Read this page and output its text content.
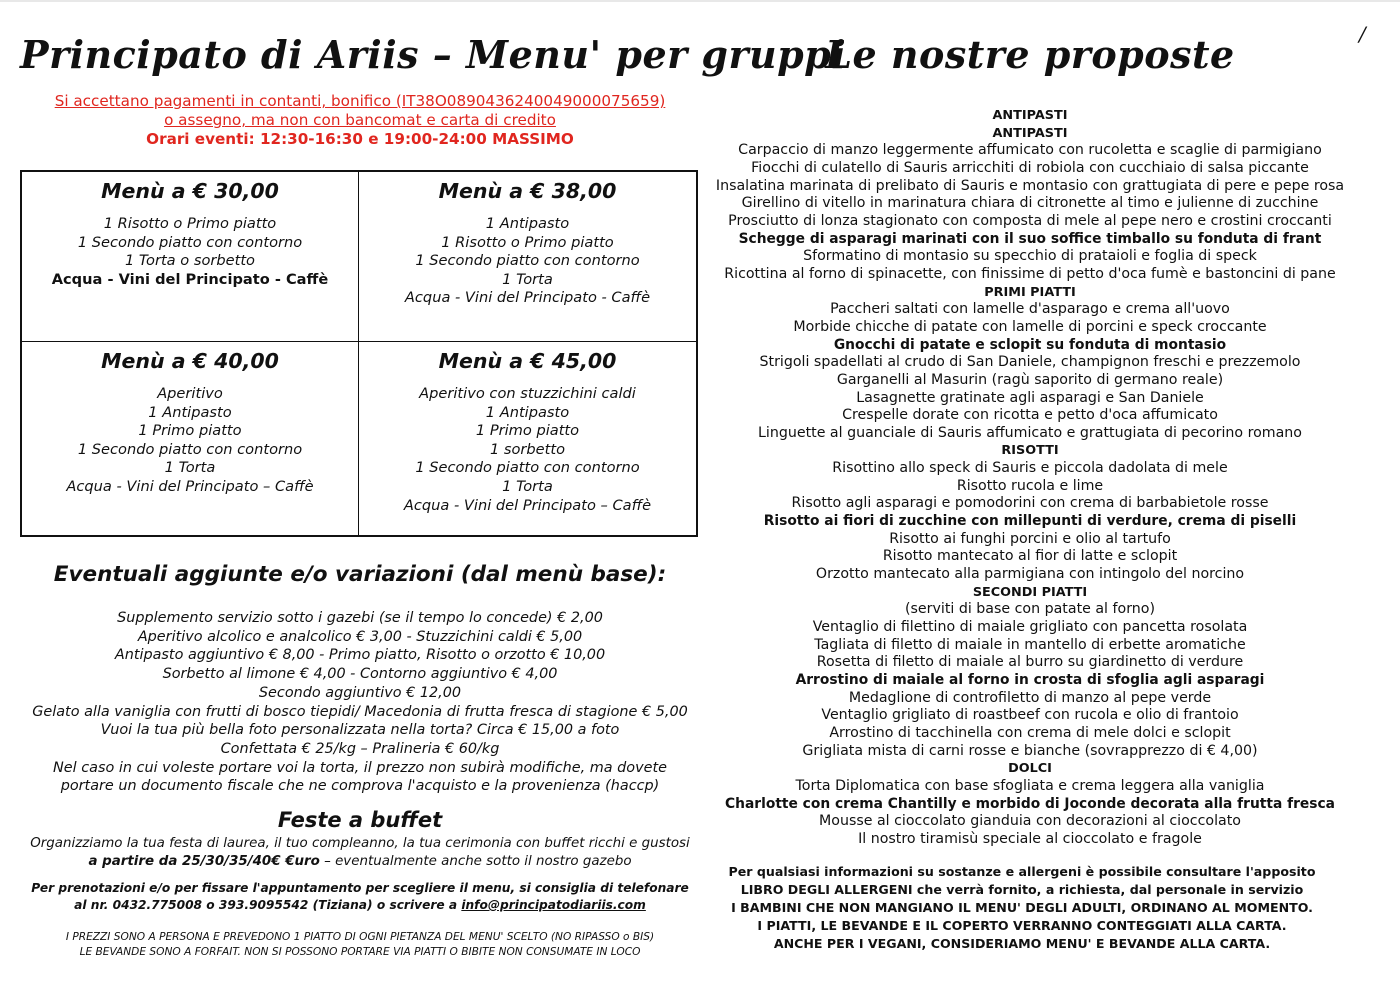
/
Principato di Ariis – Menu' per gruppi
Si accettano pagamenti in contanti, bonifico (IT38O0890436240049000075659)
o assegno, ma non con bancomat e carta di credito
Orari eventi: 12:30-16:30 e 19:00-24:00 MASSIMO
Menù a € 30,00
1 Risotto o Primo piatto
1 Secondo piatto con contorno
1 Torta o sorbetto
Acqua - Vini del Principato - Caffè
Menù a € 38,00
1 Antipasto
1 Risotto o Primo piatto
1 Secondo piatto con contorno
1 Torta
Acqua - Vini del Principato - Caffè
Menù a € 40,00
Aperitivo
1 Antipasto
1 Primo piatto
1 Secondo piatto con contorno
1 Torta
Acqua - Vini del Principato – Caffè
Menù a € 45,00
Aperitivo con stuzzichini caldi
1 Antipasto
1 Primo piatto
1 sorbetto
1 Secondo piatto con contorno
1 Torta
Acqua - Vini del Principato – Caffè
Eventuali aggiunte e/o variazioni (dal menù base):
Supplemento servizio sotto i gazebi (se il tempo lo concede) € 2,00
Aperitivo alcolico e analcolico € 3,00 - Stuzzichini caldi € 5,00
Antipasto aggiuntivo € 8,00 - Primo piatto, Risotto o orzotto € 10,00
Sorbetto al limone € 4,00 - Contorno aggiuntivo € 4,00
Secondo aggiuntivo € 12,00
Gelato alla vaniglia con frutti di bosco tiepidi/ Macedonia di frutta fresca di stagione € 5,00
Vuoi la tua più bella foto personalizzata nella torta? Circa € 15,00 a foto
Confettata € 25/kg – Pralineria € 60/kg
Nel caso in cui voleste portare voi la torta, il prezzo non subirà modifiche, ma dovete
portare un documento fiscale che ne comprova l'acquisto e la provenienza (haccp)
Feste a buffet
Organizziamo la tua festa di laurea, il tuo compleanno, la tua cerimonia con buffet ricchi e gustosi
a partire da 25/30/35/40€ €uro – eventualmente anche sotto il nostro gazebo
Per prenotazioni e/o per fissare l'appuntamento per scegliere il menu, si consiglia di telefonare
al nr. 0432.775008 o 393.9095542 (Tiziana) o scrivere a info@principatodiariis.com
I PREZZI SONO A PERSONA E PREVEDONO 1 PIATTO DI OGNI PIETANZA DEL MENU' SCELTO (NO RIPASSO o BIS)
LE BEVANDE SONO A FORFAIT. NON SI POSSONO PORTARE VIA PIATTI O BIBITE NON CONSUMATE IN LOCO
Le nostre proposte
ANTIPASTI
ANTIPASTI
Carpaccio di manzo leggermente affumicato con rucoletta e scaglie di parmigiano
Fiocchi di culatello di Sauris arricchiti di robiola con cucchiaio di salsa piccante
Insalatina marinata di prelibato di Sauris e montasio con grattugiata di pere e pepe rosa
Girellino di vitello in marinatura chiara di citronette al timo e julienne di zucchine
Prosciutto di lonza stagionato con composta di mele al pepe nero e crostini croccanti
Schegge di asparagi marinati con il suo soffice timballo su fonduta di frant
Sformatino di montasio su specchio di prataioli e foglia di speck
Ricottina al forno di spinacette, con finissime di petto d'oca fumè e bastoncini di pane
PRIMI PIATTI
Paccheri saltati con lamelle d'asparago e crema all'uovo
Morbide chicche di patate con lamelle di porcini e speck croccante
Gnocchi di patate e sclopit su fonduta di montasio
Strigoli spadellati al crudo di San Daniele, champignon freschi e prezzemolo
Garganelli al Masurin (ragù saporito di germano reale)
Lasagnette gratinate agli asparagi e San Daniele
Crespelle dorate con ricotta e petto d'oca affumicato
Linguette al guanciale di Sauris affumicato e grattugiata di pecorino romano
RISOTTI
Risottino allo speck di Sauris e piccola dadolata di mele
Risotto rucola e lime
Risotto agli asparagi e pomodorini con crema di barbabietole rosse
Risotto ai fiori di zucchine con millepunti di verdure, crema di piselli
Risotto ai funghi porcini e olio al tartufo
Risotto mantecato al fior di latte e sclopit
Orzotto mantecato alla parmigiana con intingolo del norcino
SECONDI PIATTI
(serviti di base con patate al forno)
Ventaglio di filettino di maiale grigliato con pancetta rosolata
Tagliata di filetto di maiale in mantello di erbette aromatiche
Rosetta di filetto di maiale al burro su giardinetto di verdure
Arrostino di maiale al forno in crosta di sfoglia agli asparagi
Medaglione di controfiletto di manzo al pepe verde
Ventaglio grigliato di roastbeef con rucola e olio di frantoio
Arrostino di tacchinella con crema di mele dolci e sclopit
Grigliata mista di carni rosse e bianche (sovrapprezzo di € 4,00)
DOLCI
Torta Diplomatica con base sfogliata e crema leggera alla vaniglia
Charlotte con crema Chantilly e morbido di Joconde decorata alla frutta fresca
Mousse al cioccolato gianduia con decorazioni al cioccolato
Il nostro tiramisù speciale al cioccolato e fragole
Per qualsiasi informazioni su sostanze e allergeni è possibile consultare l'apposito
LIBRO DEGLI ALLERGENI che verrà fornito, a richiesta, dal personale in servizio
I BAMBINI CHE NON MANGIANO IL MENU' DEGLI ADULTI, ORDINANO AL MOMENTO.
I PIATTI, LE BEVANDE E IL COPERTO VERRANNO CONTEGGIATI ALLA CARTA.
ANCHE PER I VEGANI, CONSIDERIAMO MENU' E BEVANDE ALLA CARTA.
